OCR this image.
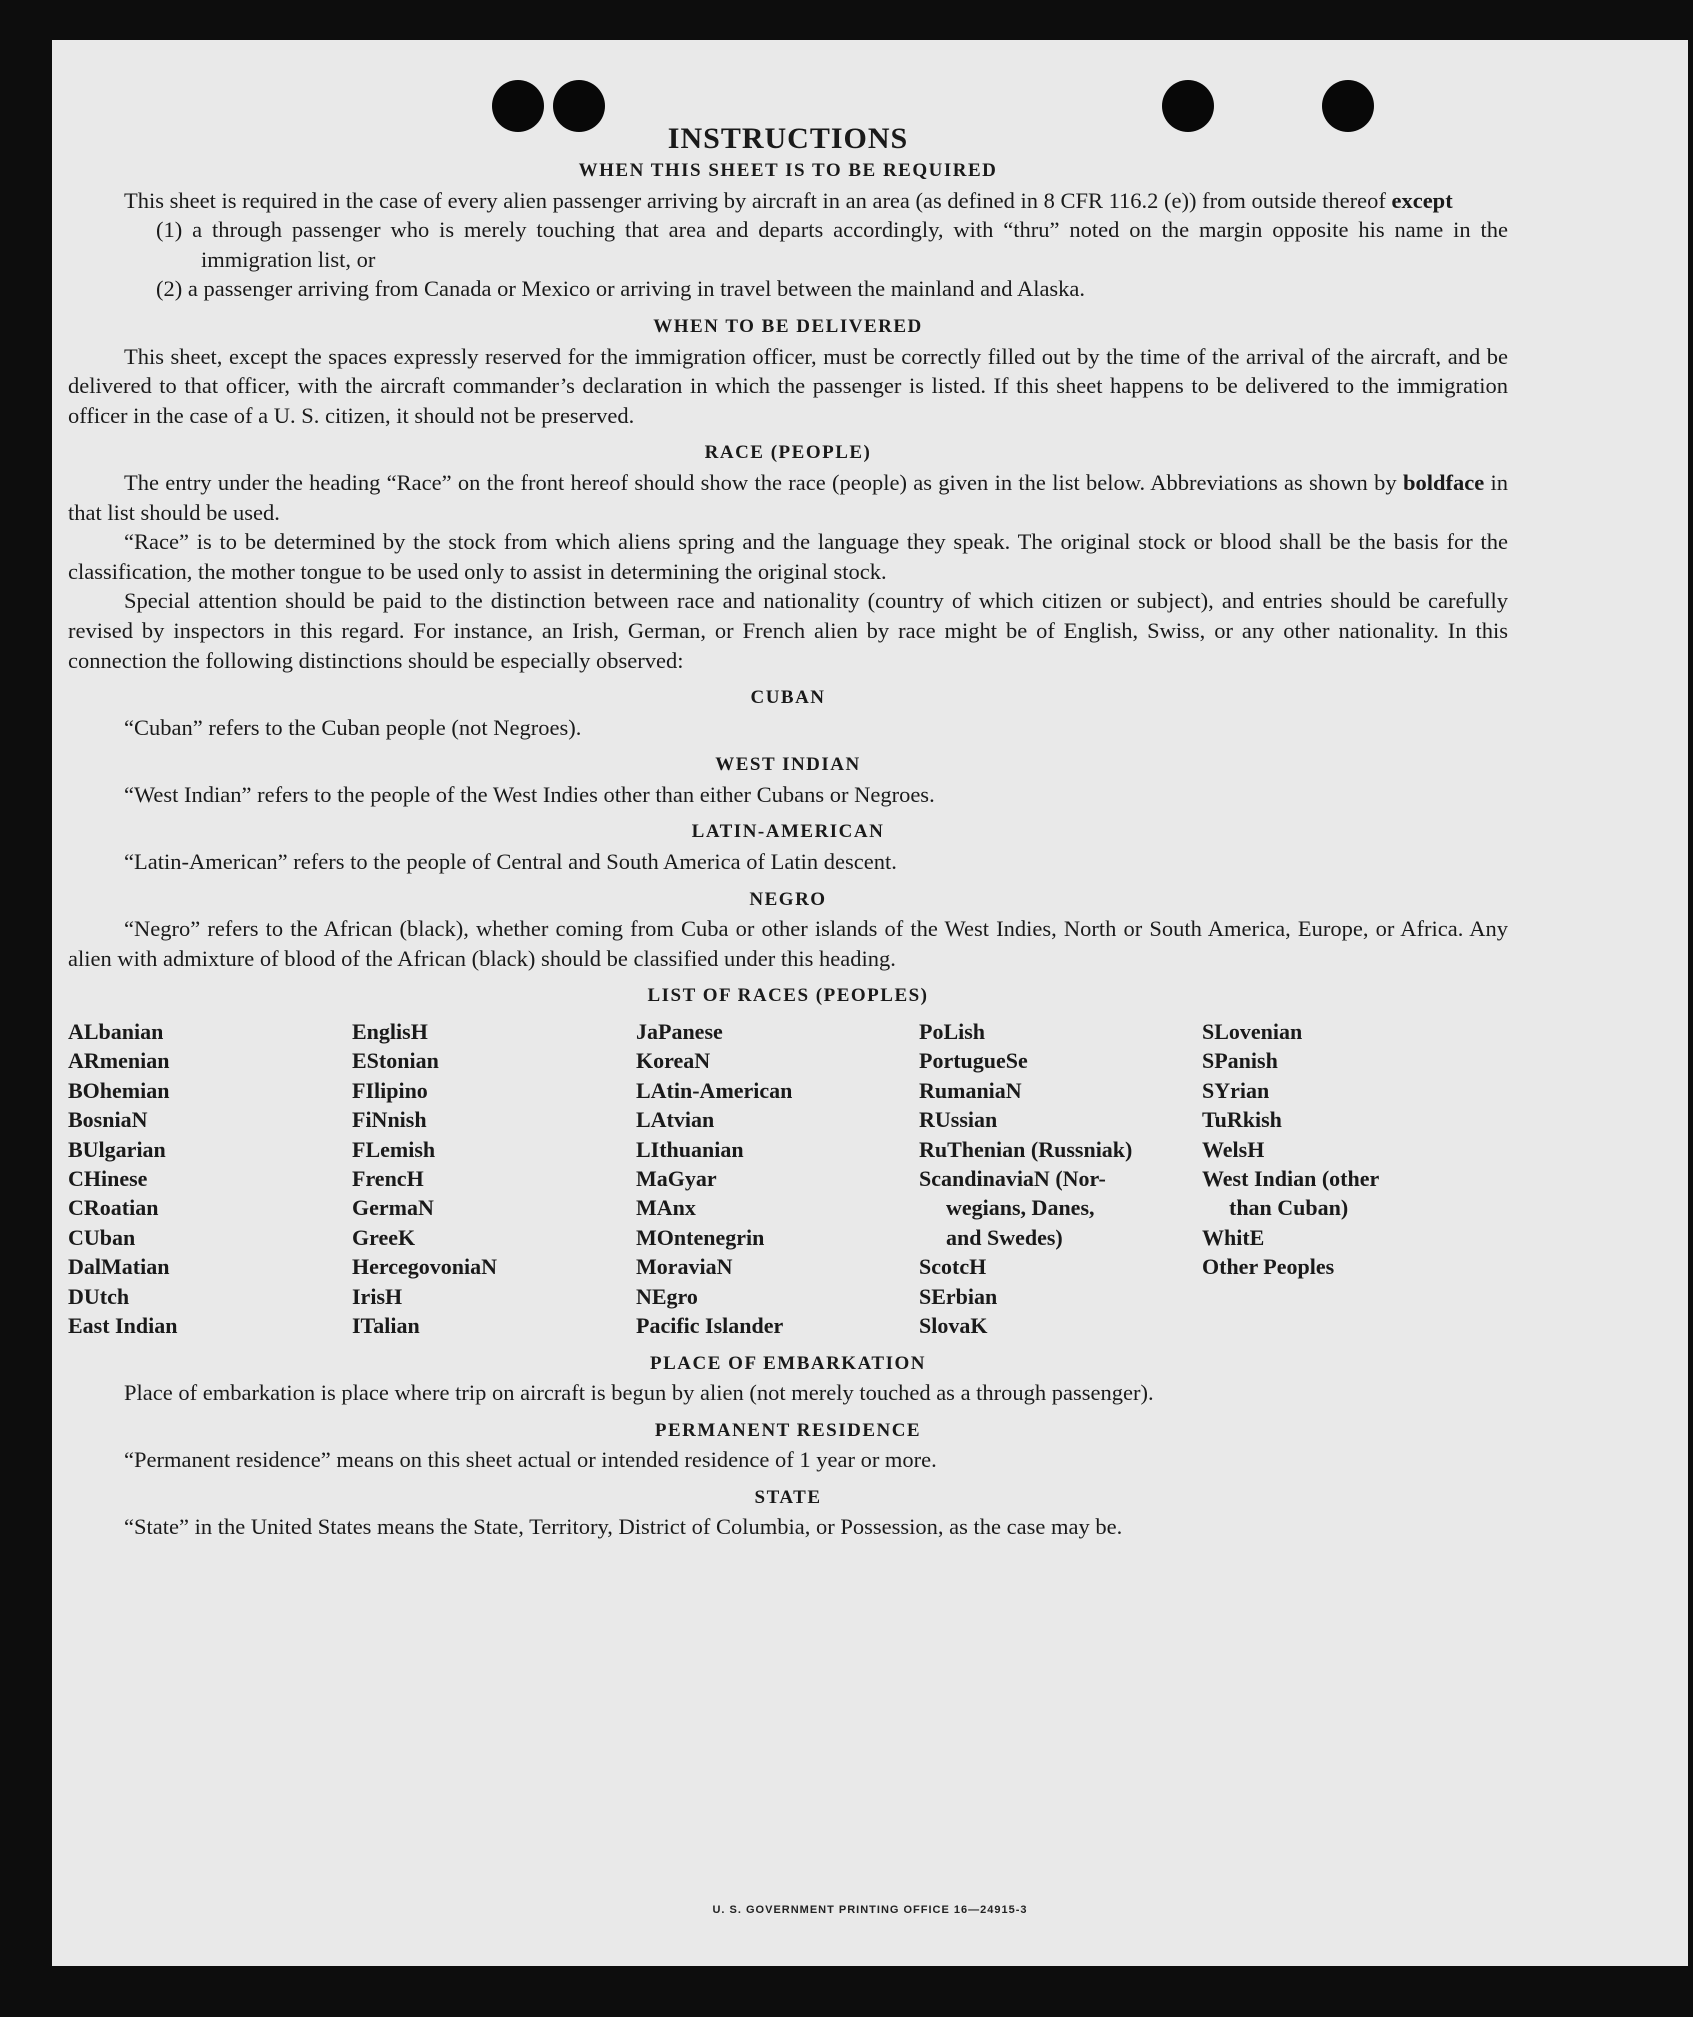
INSTRUCTIONS
WHEN THIS SHEET IS TO BE REQUIRED

This sheet is required in the case of every alien passenger arriving by aircraft in an area (as defined in 8 CFR 116.2 (e)) from outside thereof except

(1) a through passenger who is merely touching that area and departs accordingly, with “thru” noted on the margin opposite his name in the immigration list, or

(2) a passenger arriving from Canada or Mexico or arriving in travel between the mainland and Alaska.

WHEN TO BE DELIVERED

This sheet, except the spaces expressly reserved for the immigration officer, must be correctly filled out by the time of the arrival of the aircraft, and be delivered to that officer, with the aircraft commander’s declaration in which the passenger is listed. If this sheet happens to be delivered to the immigration officer in the case of a U. S. citizen, it should not be preserved.

RACE (PEOPLE)

The entry under the heading “Race” on the front hereof should show the race (people) as given in the list below. Abbreviations as shown by boldface in that list should be used.

“Race” is to be determined by the stock from which aliens spring and the language they speak. The original stock or blood shall be the basis for the classification, the mother tongue to be used only to assist in determining the original stock.

Special attention should be paid to the distinction between race and nationality (country of which citizen or subject), and entries should be carefully revised by inspectors in this regard. For instance, an Irish, German, or French alien by race might be of English, Swiss, or any other nationality. In this connection the following distinctions should be especially observed:

CUBAN

“Cuban” refers to the Cuban people (not Negroes).

WEST INDIAN

“West Indian” refers to the people of the West Indies other than either Cubans or Negroes.

LATIN-AMERICAN

“Latin-American” refers to the people of Central and South America of Latin descent.

NEGRO

“Negro” refers to the African (black), whether coming from Cuba or other islands of the West Indies, North or South America, Europe, or Africa. Any alien with admixture of blood of the African (black) should be classified under this heading.

LIST OF RACES (PEOPLES)
ALbanian
ARmenian
BOhemian
BosniaN
BUlgarian
CHinese
CRoatian
CUban
DalMatian
DUtch
East Indian
EnglisH
EStonian
FIlipino
FiNnish
FLemish
FrencH
GermaN
GreeK
HercegovoniaN
IrisH
ITalian
JaPanese
KoreaN
LAtin-American
LAtvian
LIthuanian
MaGyar
MAnx
MOntenegrin
MoraviaN
NEgro
Pacific Islander
PoLish
PortugueSe
RumaniaN
RUssian
RuThenian (Russniak)
ScandinaviaN (Nor-
wegians, Danes,
and Swedes)
ScotcH
SErbian
SlovaK
SLovenian
SPanish
SYrian
TuRkish
WelsH
West Indian (other
than Cuban)
WhitE
Other Peoples
PLACE OF EMBARKATION

Place of embarkation is place where trip on aircraft is begun by alien (not merely touched as a through passenger).

PERMANENT RESIDENCE

“Permanent residence” means on this sheet actual or intended residence of 1 year or more.

STATE

“State” in the United States means the State, Territory, District of Columbia, or Possession, as the case may be.

U. S. GOVERNMENT PRINTING OFFICE 16—24915-3
